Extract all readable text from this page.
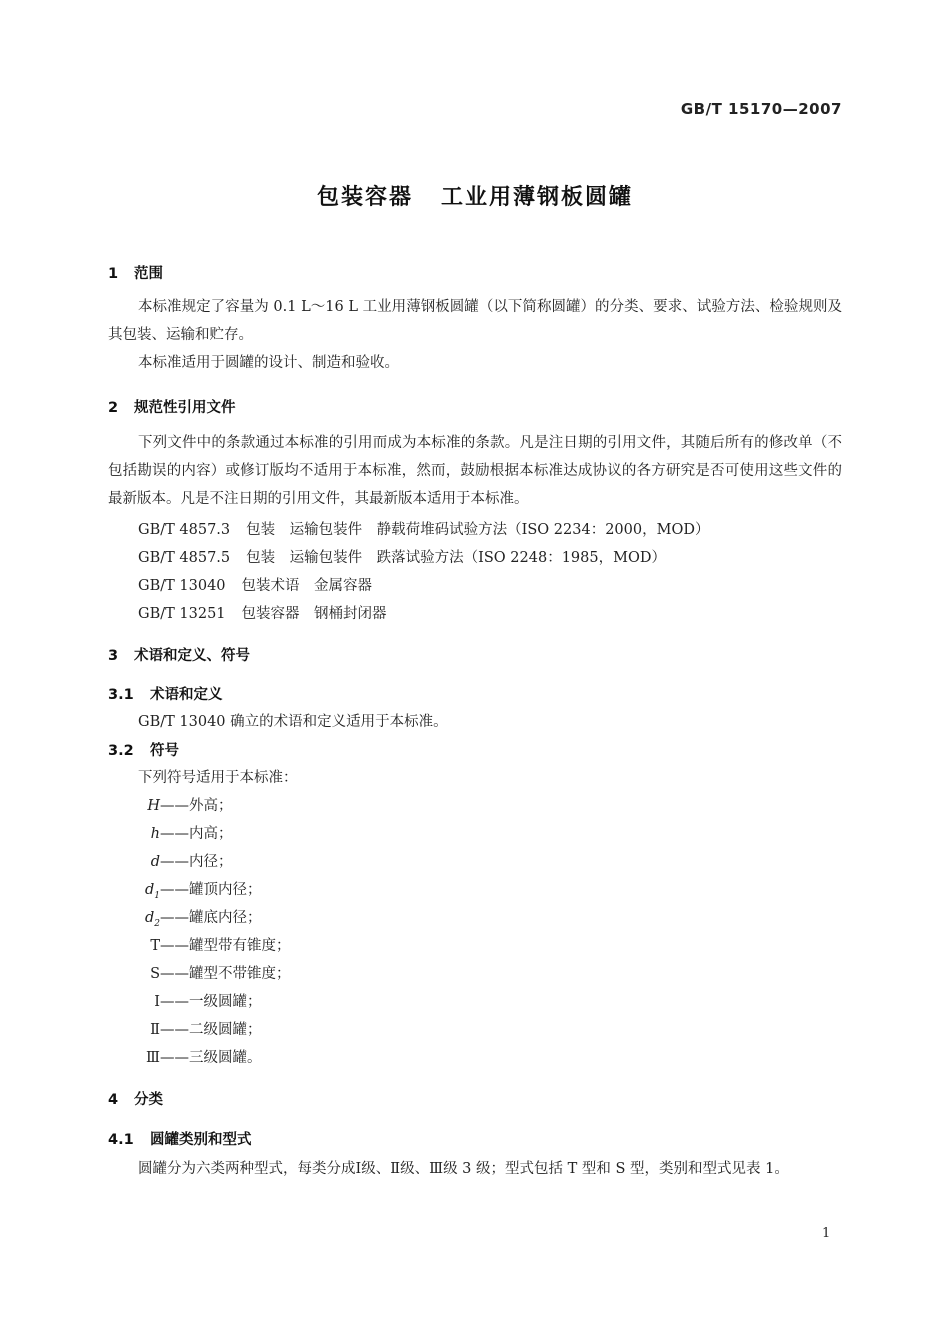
GB/T 15170—2007
包装容器 工业用薄钢板圆罐
1 范围
本标准规定了容量为 0.1 L～16 L 工业用薄钢板圆罐（以下简称圆罐）的分类、要求、试验方法、检验规则及其包装、运输和贮存。
本标准适用于圆罐的设计、制造和验收。
2 规范性引用文件
下列文件中的条款通过本标准的引用而成为本标准的条款。凡是注日期的引用文件，其随后所有的修改单（不包括勘误的内容）或修订版均不适用于本标准，然而，鼓励根据本标准达成协议的各方研究是否可使用这些文件的最新版本。凡是不注日期的引用文件，其最新版本适用于本标准。
GB/T 4857.3 包装　运输包装件　静载荷堆码试验方法（ISO 2234：2000，MOD）
GB/T 4857.5 包装　运输包装件　跌落试验方法（ISO 2248：1985，MOD）
GB/T 13040 包装术语　金属容器
GB/T 13251 包装容器　钢桶封闭器
3 术语和定义、符号
3.1 术语和定义
GB/T 13040 确立的术语和定义适用于本标准。
3.2 符号
下列符号适用于本标准：
H——外高；
h——内高；
d——内径；
$d_1——$罐顶内径；
$d_2——$罐底内径；
T——罐型带有锥度；
S——罐型不带锥度；
Ⅰ——一级圆罐；
Ⅱ——二级圆罐；
Ⅲ——三级圆罐。
4 分类
4.1 圆罐类别和型式
圆罐分为六类两种型式，每类分成Ⅰ级、Ⅱ级、Ⅲ级 3 级；型式包括 T 型和 S 型，类别和型式见表 1。
1
